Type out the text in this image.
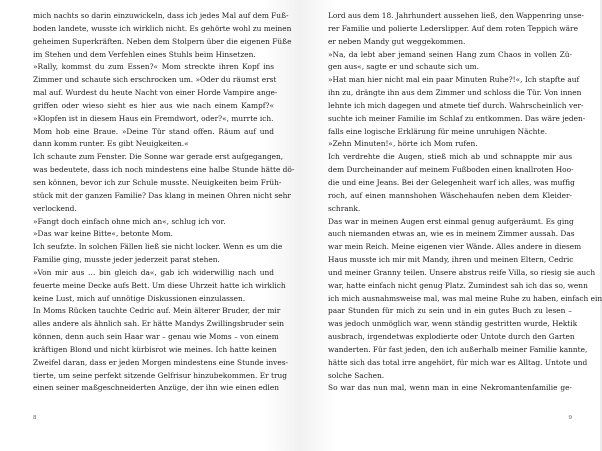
mich nachts so darin einzuwickeln, dass ich jedes Mal auf dem Fuß-
boden landete, wusste ich wirklich nicht. Es gehörte wohl zu meinen
geheimen Superkräften. Neben dem Stolpern über die eigenen Füße
im Stehen und dem Verfehlen eines Stuhls beim Hinsetzen.
»Rally, kommst du zum Essen?« Mom streckte ihren Kopf ins
Zimmer und schaute sich erschrocken um. »Oder du räumst erst
mal auf. Wurdest du heute Nacht von einer Horde Vampire ange-
griffen oder wieso sieht es hier aus wie nach einem Kampf?«
»Klopfen ist in diesem Haus ein Fremdwort, oder?«, murrte ich.
Mom hob eine Braue. »Deine Tür stand offen. Räum auf und
dann komm runter. Es gibt Neuigkeiten.«
Ich schaute zum Fenster. Die Sonne war gerade erst aufgegangen,
was bedeutete, dass ich noch mindestens eine halbe Stunde hätte dö-
sen können, bevor ich zur Schule musste. Neuigkeiten beim Früh-
stück mit der ganzen Familie? Das klang in meinen Ohren nicht sehr
verlockend.
»Fangt doch einfach ohne mich an«, schlug ich vor.
»Das war keine Bitte«, betonte Mom.
Ich seufzte. In solchen Fällen ließ sie nicht locker. Wenn es um die
Familie ging, musste jeder jederzeit parat stehen.
»Von mir aus … bin gleich da«, gab ich widerwillig nach und
feuerte meine Decke aufs Bett. Um diese Uhrzeit hatte ich wirklich
keine Lust, mich auf unnötige Diskussionen einzulassen.
In Moms Rücken tauchte Cedric auf. Mein älterer Bruder, der mir
alles andere als ähnlich sah. Er hätte Mandys Zwillingsbruder sein
können, denn auch sein Haar war – genau wie Moms – von einem
kräftigen Blond und nicht kürbisrot wie meines. Ich hatte keinen
Zweifel daran, dass er jeden Morgen mindestens eine Stunde inves-
tierte, um seine perfekt sitzende Gelfrisur hinzubekommen. Er trug
einen seiner maßgeschneiderten Anzüge, der ihn wie einen edlen
8
Lord aus dem 18. Jahrhundert aussehen ließ, den Wappenring unse-
rer Familie und polierte Lederslipper. Auf dem roten Teppich wäre
er neben Mandy gut weggekommen.
»Na, da lebt aber jemand seinen Hang zum Chaos in vollen Zü-
gen aus«, sagte er und schaute sich um.
»Hat man hier nicht mal ein paar Minuten Ruhe?!«, Ich stapfte auf
ihn zu, drängte ihn aus dem Zimmer und schloss die Tür. Von innen
lehnte ich mich dagegen und atmete tief durch. Wahrscheinlich ver-
suchte ich meiner Familie im Schlaf zu entkommen. Das wäre jeden-
falls eine logische Erklärung für meine unruhigen Nächte.
»Zehn Minuten!«, hörte ich Mom rufen.
Ich verdrehte die Augen, stieß mich ab und schnappte mir aus
dem Durcheinander auf meinem Fußboden einen knallroten Hoo-
die und eine Jeans. Bei der Gelegenheit warf ich alles, was mufﬁg
roch, auf einen mannshohen Wäschehaufen neben dem Kleider-
schrank.
Das war in meinen Augen erst einmal genug aufgeräumt. Es ging
auch niemanden etwas an, wie es in meinem Zimmer aussah. Das
war mein Reich. Meine eigenen vier Wände. Alles andere in diesem
Haus musste ich mir mit Mandy, ihren und meinen Eltern, Cedric
und meiner Granny teilen. Unsere abstrus reife Villa, so riesig sie auch
war, hatte einfach nicht genug Platz. Zumindest sah ich das so, wenn
ich mich ausnahmsweise mal, was mal meine Ruhe zu haben, einfach ein
paar Stunden für mich zu sein und in ein gutes Buch zu lesen –
was jedoch unmöglich war, wenn ständig gestritten wurde, Hektik
ausbrach, irgendetwas explodierte oder Untote durch den Garten
wanderten. Für fast jeden, den ich außerhalb meiner Familie kannte,
hätte sich das total irre angehört, für mich war es Alltag. Untote und
solche Sachen.
So war das nun mal, wenn man in eine Nekromantenfamilie ge-
9
